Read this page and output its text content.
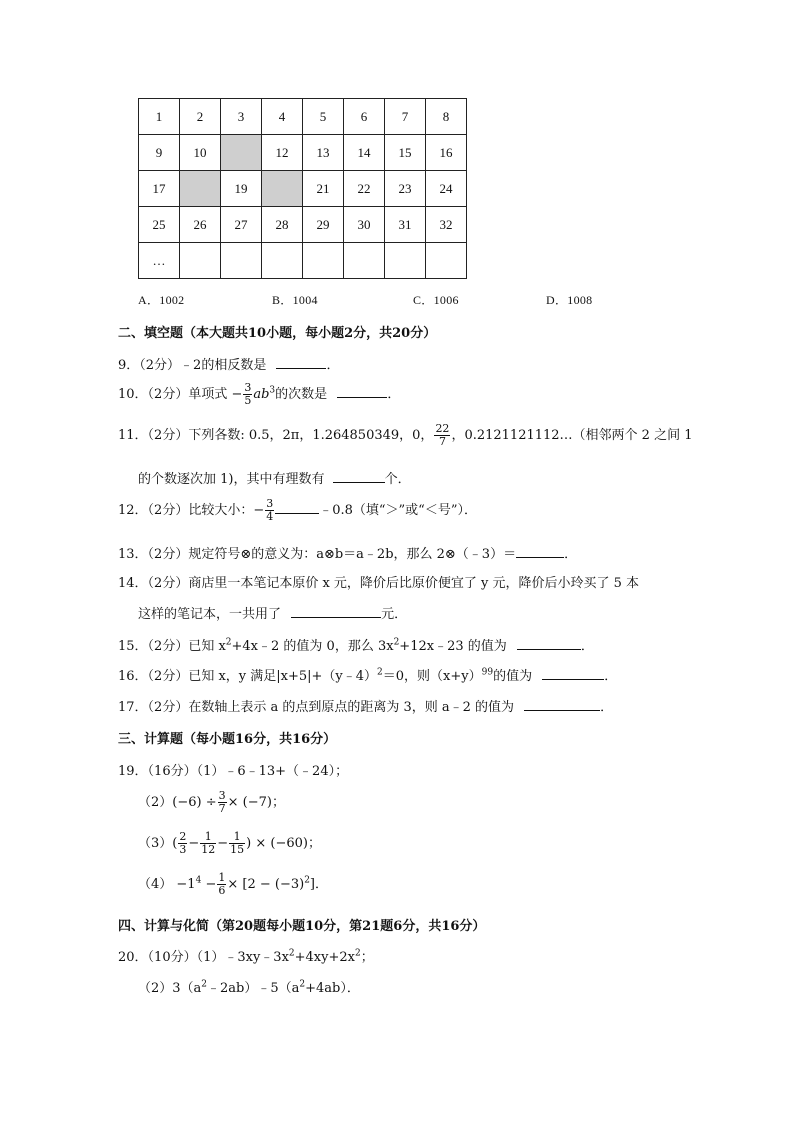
1	2	3	4	5	6	7	8
9	10		12	13	14	15	16
17		19		21	22	23	24
25	26	27	28	29	30	31	32
…							
A．1002	B．1004	C．1006	D．1008
二、填空题（本大题共10小题，每小题2分，共20分）
9．（2分）﹣2的相反数是	．
10．（2分）单项式 − $\frac{3}{5} ab^3$的次数是	．
11．（2分）下列各数: 0.5，2π，1.264850349，0， $\frac{22}{7}$ ，0.2121121112…（相邻两个 2 之间 1
的个数逐次加 1)，其中有理数有	个．
12．（2分）比较大小：− $\frac{3}{4}$	﹣0.8（填“＞”或“＜号”）．
13．（2分）规定符号⊗的意义为：a⊗b＝a﹣2b，那么 2⊗（﹣3）＝	．
14．（2分）商店里一本笔记本原价 x 元，降价后比原价便宜了 y 元，降价后小玲买了 5 本
这样的笔记本，一共用了	元．
15．（2分）已知 $x^2+4x﹣2$ 的值为 0，那么 $3x^2+12x﹣23$ 的值为	．
16．（2分）已知 x，y 满足|x+5|+（y﹣4）$^2$＝0，则$(x+y)^{99}$的值为	．
17．（2分）在数轴上表示 a 的点到原点的距离为 3，则 a﹣2 的值为	．
三、计算题（每小题16分，共16分）
19．（16分）（1）﹣6﹣13+（﹣24）；
$(2)(-6) \div \frac{3}{7} \times (-7)$；
$(3)( \frac{2}{3} - \frac{1}{12} - \frac{1}{15}$ ) × (−60)；
$(4) -1^4 - \frac{1}{6} \times [2 - (-3)^2]$．
四、计算与化简（第20题每小题10分，第21题6分，共16分）
20．（10分）$(1)﹣3xy﹣3x^2+4xy+2x^2$；
$(2)3(a^2﹣2ab)﹣5(a^2+4ab)$．
